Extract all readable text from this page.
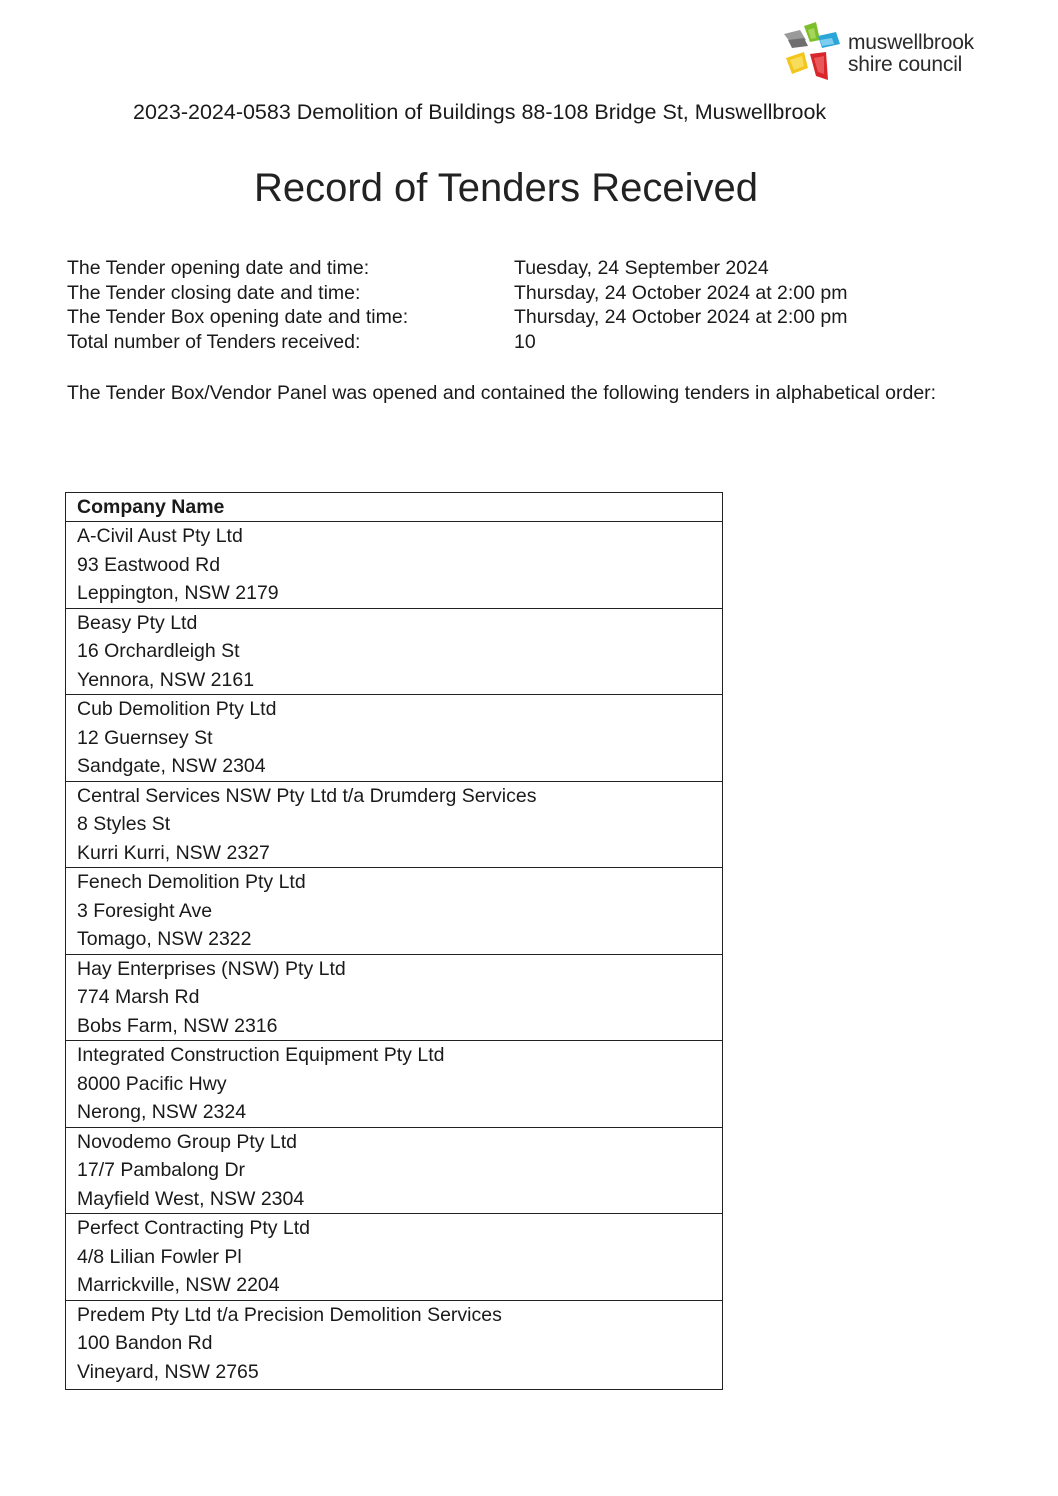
muswellbrook
shire council
2023-2024-0583 Demolition of Buildings 88-108 Bridge St, Muswellbrook
Record of Tenders Received
The Tender opening date and time:	Tuesday, 24 September 2024
The Tender closing date and time:	Thursday, 24 October 2024 at 2:00 pm
The Tender Box opening date and time:	Thursday, 24 October 2024 at 2:00 pm
Total number of Tenders received:	10
The Tender Box/Vendor Panel was opened and contained the following tenders in alphabetical order:
Company Name

A-Civil Aust Pty Ltd
93 Eastwood Rd
Leppington, NSW 2179

Beasy Pty Ltd
16 Orchardleigh St
Yennora, NSW 2161

Cub Demolition Pty Ltd
12 Guernsey St
Sandgate, NSW 2304

Central Services NSW Pty Ltd t/a Drumderg Services
8 Styles St
Kurri Kurri, NSW 2327

Fenech Demolition Pty Ltd
3 Foresight Ave
Tomago, NSW 2322

Hay Enterprises (NSW) Pty Ltd
774 Marsh Rd
Bobs Farm, NSW 2316

Integrated Construction Equipment Pty Ltd
8000 Pacific Hwy
Nerong, NSW 2324

Novodemo Group Pty Ltd
17/7 Pambalong Dr
Mayfield West, NSW 2304

Perfect Contracting Pty Ltd
4/8 Lilian Fowler Pl
Marrickville, NSW 2204

Predem Pty Ltd t/a Precision Demolition Services
100 Bandon Rd
Vineyard, NSW 2765
